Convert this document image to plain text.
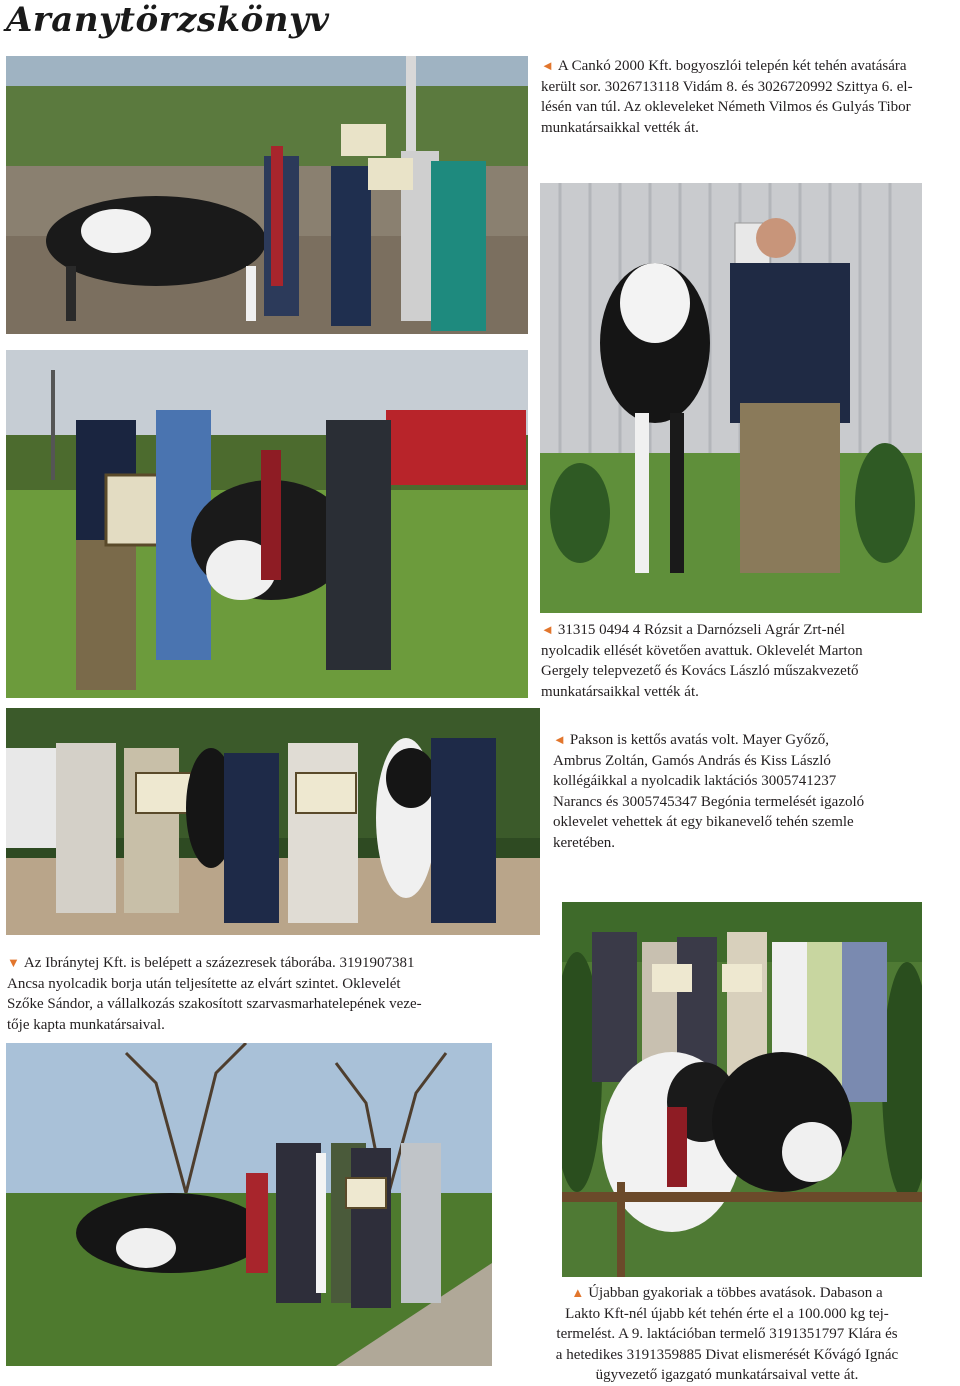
Aranytörzskönyv
◄ A Cankó 2000 Kft. bogyoszlói telepén két tehén avatására
került sor. 3026713118 Vidám 8. és 3026720992 Szittya 6. el-
lésén van túl. Az okleveleket Németh Vilmos és Gulyás Tibor
munkatársaikkal vették át.
◄ 31315 0494 4 Rózsit a Darnózseli Agrár Zrt-nél
nyolcadik ellését követően avattuk. Oklevelét Marton
Gergely telepvezető és Kovács László műszakvezető
munkatársaikkal vették át.
◄ Pakson is kettős avatás volt. Mayer Győző,
Ambrus Zoltán, Gamós András és Kiss László
kollégáikkal a nyolcadik laktációs 3005741237
Narancs és 3005745347 Begónia termelését igazoló
oklevelet vehettek át egy bikanevelő tehén szemle
keretében.
▼ Az Ibránytej Kft. is belépett a százezresek táborába. 3191907381
Ancsa nyolcadik borja után teljesítette az elvárt szintet. Oklevelét
Szőke Sándor, a vállalkozás szakosított szarvasmarhatelepének veze-
tője kapta munkatársaival.
▲ Újabban gyakoriak a többes avatások. Dabason a
Lakto Kft-nél újabb két tehén érte el a 100.000 kg tej-
termelést. A 9. laktációban termelő 3191351797 Klára és
a hetedikes 3191359885 Divat elismerését Kővágó Ignác
ügyvezető igazgató munkatársaival vette át.
